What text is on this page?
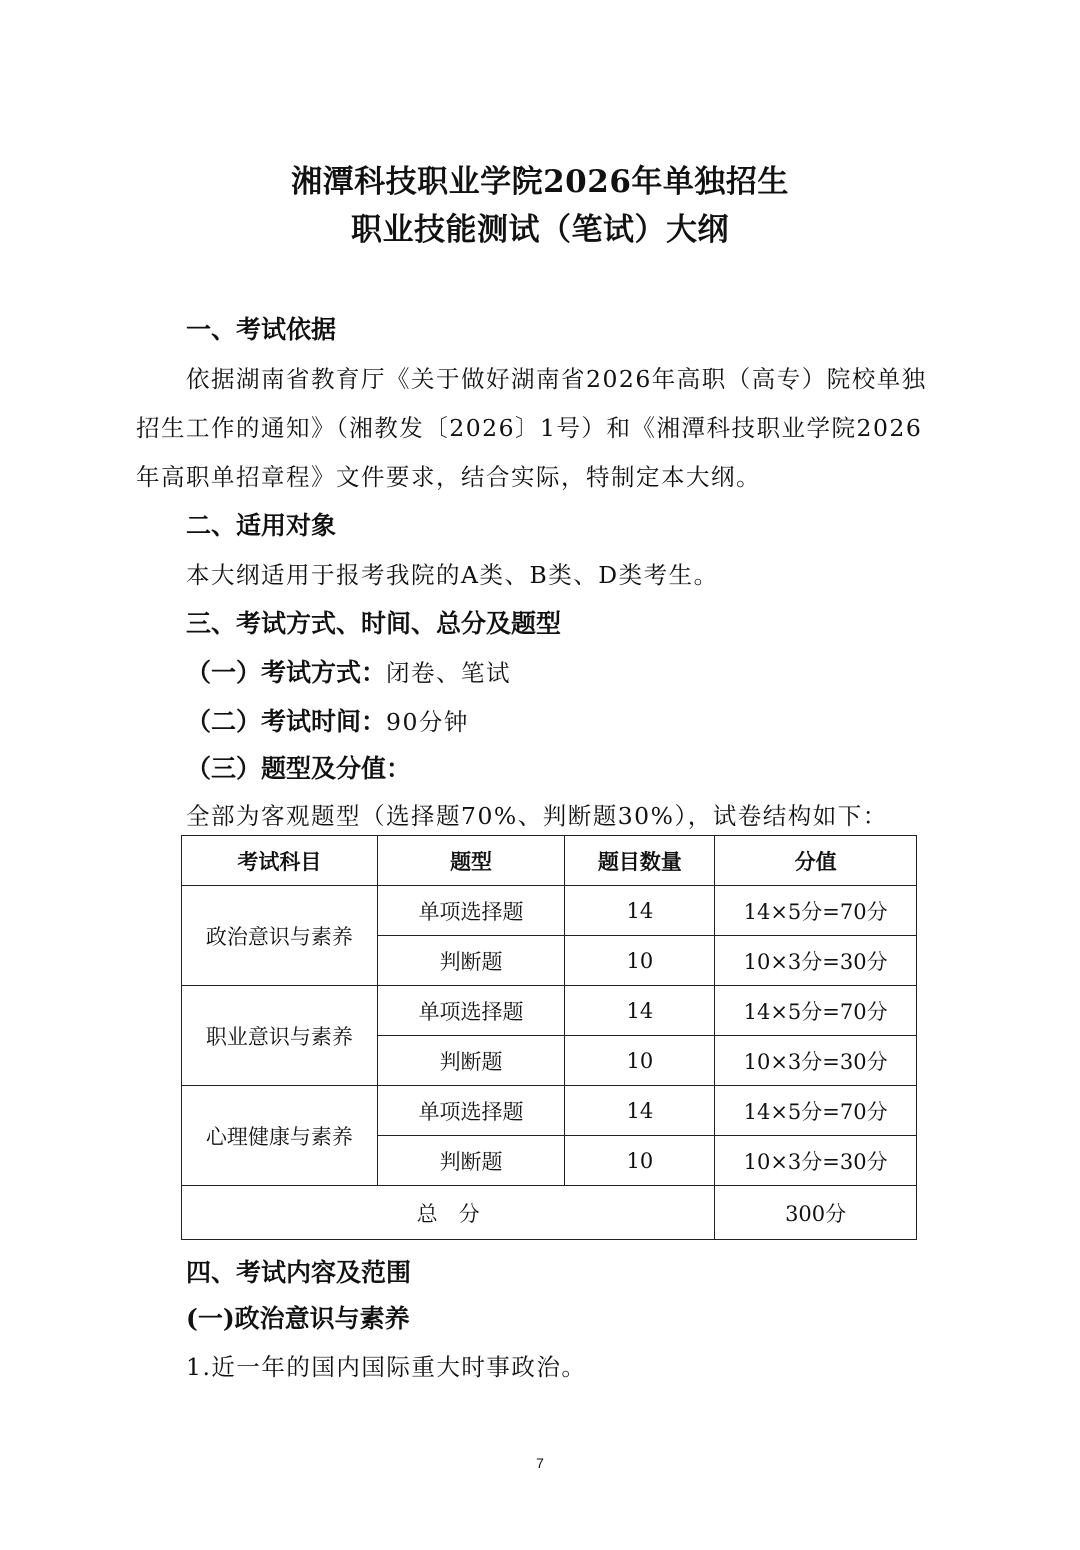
湘潭科技职业学院2026年单独招生
职业技能测试（笔试）大纲
一、考试依据
依据湖南省教育厅《关于做好湖南省2026年高职（高专）院校单独
招生工作的通知》（湘教发〔2026〕1号）和《湘潭科技职业学院2026
年高职单招章程》文件要求，结合实际，特制定本大纲。
二、适用对象
本大纲适用于报考我院的A类、B类、D类考生。
三、考试方式、时间、总分及题型
（一）考试方式：闭卷、笔试
（二）考试时间：90分钟
（三）题型及分值：
全部为客观题型（选择题70%、判断题30%），试卷结构如下：
考试科目	题型	题目数量	分值
政治意识与素养	单项选择题	14	14×5分=70分
	判断题	10	10×3分=30分
职业意识与素养	单项选择题	14	14×5分=70分
	判断题	10	10×3分=30分
心理健康与素养	单项选择题	14	14×5分=70分
	判断题	10	10×3分=30分
总　分			300分
四、考试内容及范围
(一)政治意识与素养
1.近一年的国内国际重大时事政治。
7
